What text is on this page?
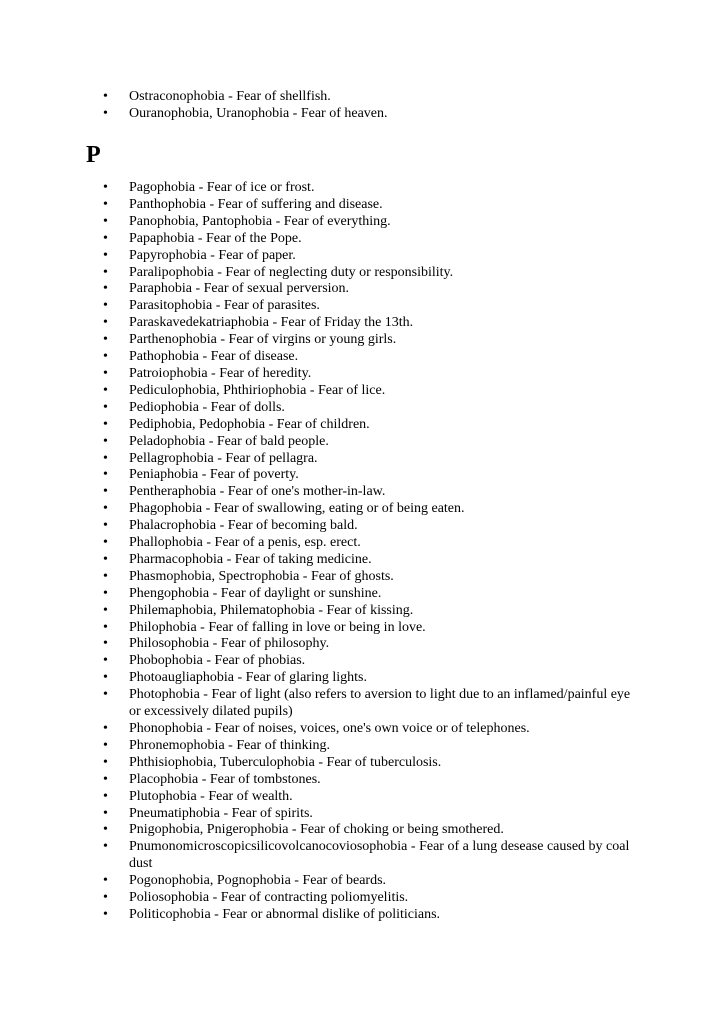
• Ostraconophobia - Fear of shellfish.
• Ouranophobia, Uranophobia - Fear of heaven.
P
• Pagophobia - Fear of ice or frost.
• Panthophobia - Fear of suffering and disease.
• Panophobia, Pantophobia - Fear of everything.
• Papaphobia - Fear of the Pope.
• Papyrophobia - Fear of paper.
• Paralipophobia - Fear of neglecting duty or responsibility.
• Paraphobia - Fear of sexual perversion.
• Parasitophobia - Fear of parasites.
• Paraskavedekatriaphobia - Fear of Friday the 13th.
• Parthenophobia - Fear of virgins or young girls.
• Pathophobia - Fear of disease.
• Patroiophobia - Fear of heredity.
• Pediculophobia, Phthiriophobia - Fear of lice.
• Pediophobia - Fear of dolls.
• Pediphobia, Pedophobia - Fear of children.
• Peladophobia - Fear of bald people.
• Pellagrophobia - Fear of pellagra.
• Peniaphobia - Fear of poverty.
• Pentheraphobia - Fear of one's mother-in-law.
• Phagophobia - Fear of swallowing, eating or of being eaten.
• Phalacrophobia - Fear of becoming bald.
• Phallophobia - Fear of a penis, esp. erect.
• Pharmacophobia - Fear of taking medicine.
• Phasmophobia, Spectrophobia - Fear of ghosts.
• Phengophobia - Fear of daylight or sunshine.
• Philemaphobia, Philematophobia - Fear of kissing.
• Philophobia - Fear of falling in love or being in love.
• Philosophobia - Fear of philosophy.
• Phobophobia - Fear of phobias.
• Photoaugliaphobia - Fear of glaring lights.
• Photophobia - Fear of light (also refers to aversion to light due to an inflamed/painful eye or excessively dilated pupils)
• Phonophobia - Fear of noises, voices, one's own voice or of telephones.
• Phronemophobia - Fear of thinking.
• Phthisiophobia, Tuberculophobia - Fear of tuberculosis.
• Placophobia - Fear of tombstones.
• Plutophobia - Fear of wealth.
• Pneumatiphobia - Fear of spirits.
• Pnigophobia, Pnigerophobia - Fear of choking or being smothered.
• Pnumonomicroscopicsilicovolcanocoviosophobia - Fear of a lung desease caused by coal dust
• Pogonophobia, Pognophobia - Fear of beards.
• Poliosophobia - Fear of contracting poliomyelitis.
• Politicophobia - Fear or abnormal dislike of politicians.
